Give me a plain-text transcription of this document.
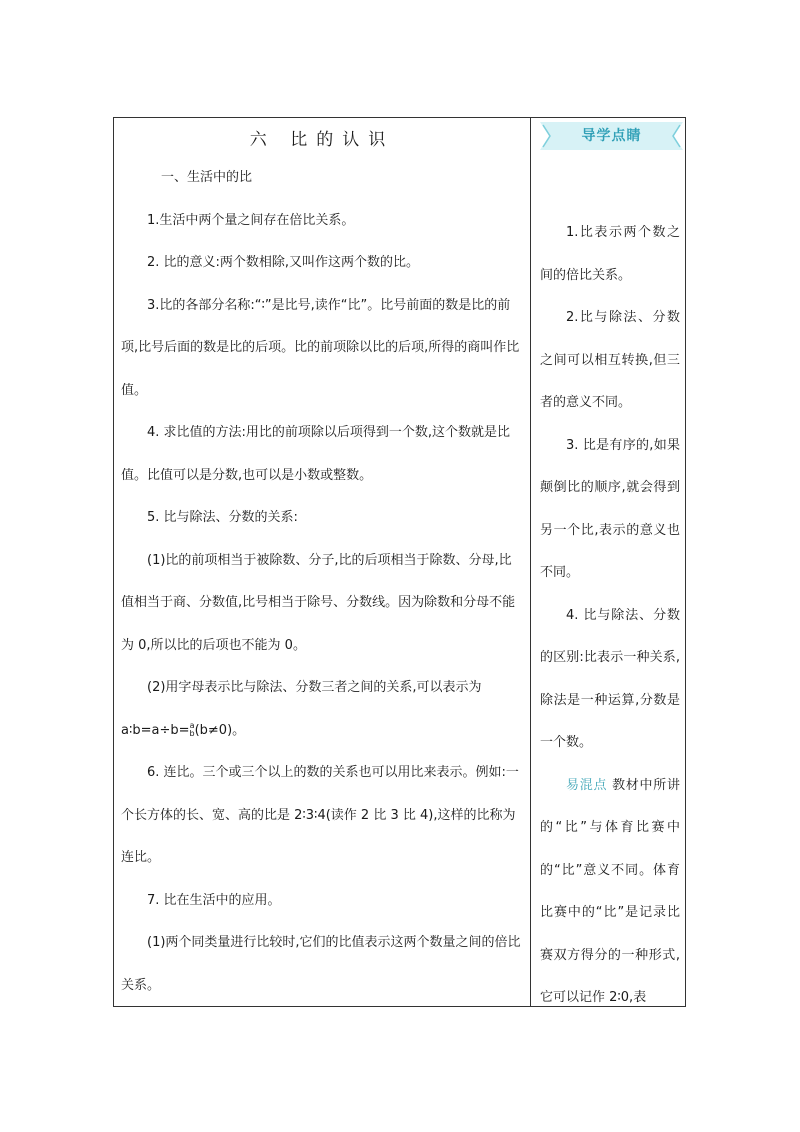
六 比的认识
一、生活中的比
1.生活中两个量之间存在倍比关系。
2. 比的意义:两个数相除,又叫作这两个数的比。
3.比的各部分名称:“∶”是比号,读作“比”。比号前面的数是比的前项,比号后面的数是比的后项。比的前项除以比的后项,所得的商叫作比值。
4. 求比值的方法:用比的前项除以后项得到一个数,这个数就是比值。比值可以是分数,也可以是小数或整数。
5. 比与除法、分数的关系:
(1)比的前项相当于被除数、分子,比的后项相当于除数、分母,比值相当于商、分数值,比号相当于除号、分数线。因为除数和分母不能为 0,所以比的后项也不能为 0。
(2)用字母表示比与除法、分数三者之间的关系,可以表示为
a∶b=a÷b= a
b (b≠0)。
6. 连比。三个或三个以上的数的关系也可以用比来表示。例如:一个长方体的长、宽、高的比是 2∶3∶4(读作 2 比 3 比 4),这样的比称为连比。
7. 比在生活中的应用。
(1)两个同类量进行比较时,它们的比值表示这两个数量之间的倍比关系。
导学点睛
1.比表示两个数之间的倍比关系。
2.比与除法、分数之间可以相互转换,但三者的意义不同。
3. 比是有序的,如果颠倒比的顺序,就会得到另一个比,表示的意义也不同。
4. 比与除法、分数的区别:比表示一种关系,除法是一种运算,分数是一个数。
易混点 教材中所讲的“比”与体育比赛中的“比”意义不同。体育比赛中的“比”是记录比赛双方得分的一种形式,它可以记作 2∶0,表
